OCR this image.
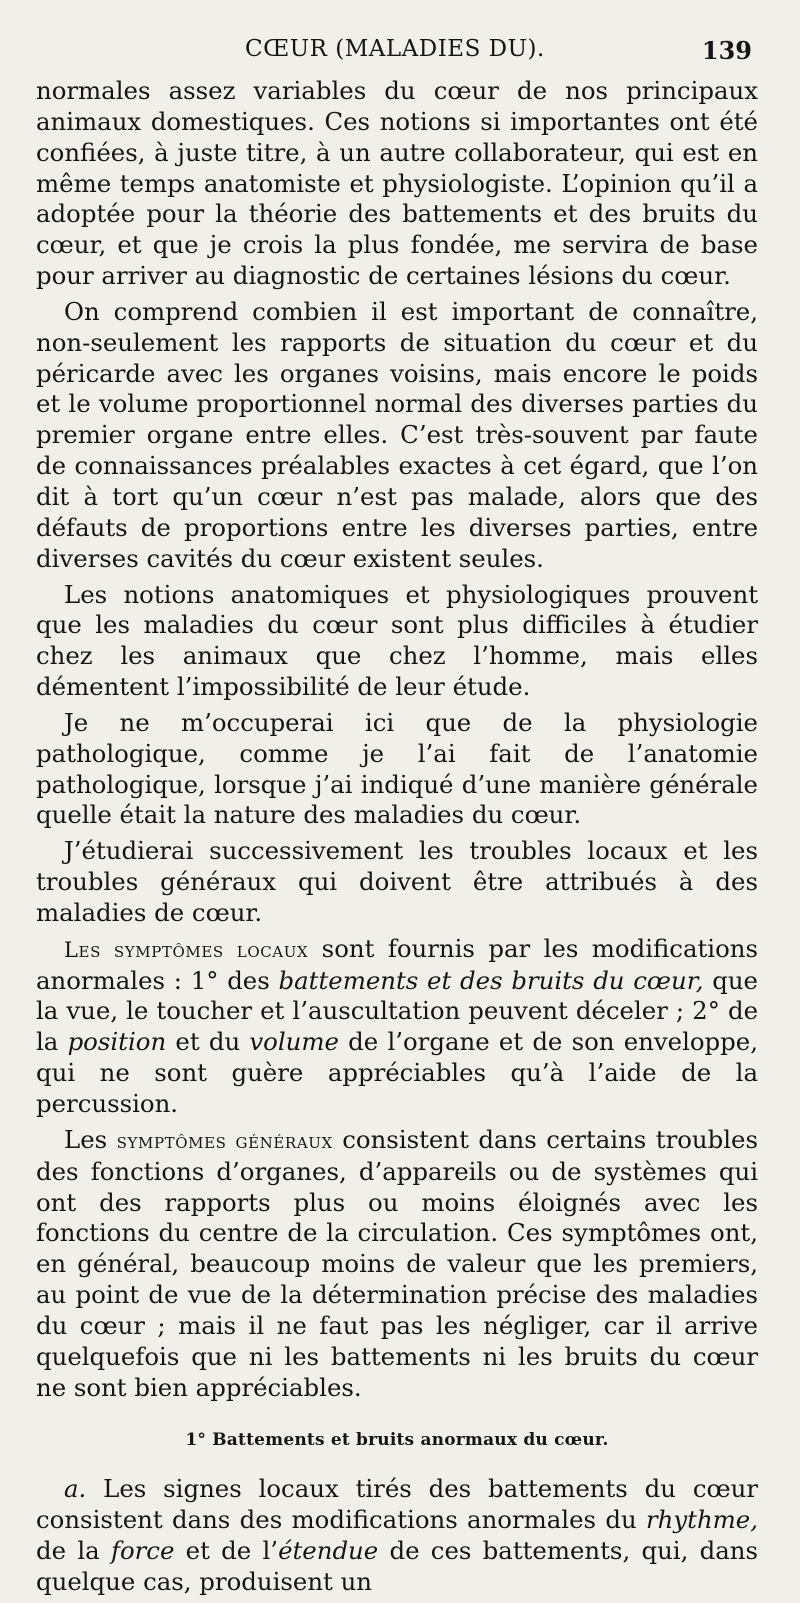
CŒUR (MALADIES DU).	139

normales assez variables du cœur de nos principaux animaux domestiques. Ces notions si importantes ont été confiées, à juste titre, à un autre collaborateur, qui est en même temps anatomiste et physiologiste. L’opinion qu’il a adoptée pour la théorie des battements et des bruits du cœur, et que je crois la plus fondée, me servira de base pour arriver au diagnostic de certaines lésions du cœur.

On comprend combien il est important de connaître, non-seulement les rapports de situation du cœur et du péricarde avec les organes voisins, mais encore le poids et le volume proportionnel normal des diverses parties du premier organe entre elles. C’est très-souvent par faute de connaissances préalables exactes à cet égard, que l’on dit à tort qu’un cœur n’est pas malade, alors que des défauts de proportions entre les diverses parties, entre diverses cavités du cœur existent seules.

Les notions anatomiques et physiologiques prouvent que les maladies du cœur sont plus difficiles à étudier chez les animaux que chez l’homme, mais elles démentent l’impossibilité de leur étude.

Je ne m’occuperai ici que de la physiologie pathologique, comme je l’ai fait de l’anatomie pathologique, lorsque j’ai indiqué d’une manière générale quelle était la nature des maladies du cœur.

J’étudierai successivement les troubles locaux et les troubles généraux qui doivent être attribués à des maladies de cœur.

Les symptômes locaux sont fournis par les modifications anormales : 1° des battements et des bruits du cœur, que la vue, le toucher et l’auscultation peuvent déceler ; 2° de la position et du volume de l’organe et de son enveloppe, qui ne sont guère appréciables qu’à l’aide de la percussion.

Les symptômes généraux consistent dans certains troubles des fonctions d’organes, d’appareils ou de systèmes qui ont des rapports plus ou moins éloignés avec les fonctions du centre de la circulation. Ces symptômes ont, en général, beaucoup moins de valeur que les premiers, au point de vue de la détermination précise des maladies du cœur ; mais il ne faut pas les négliger, car il arrive quelquefois que ni les battements ni les bruits du cœur ne sont bien appréciables.

1° Battements et bruits anormaux du cœur.

a. Les signes locaux tirés des battements du cœur consistent dans des modifications anormales du rhythme, de la force et de l’étendue de ces battements, qui, dans quelque cas, produisent un
